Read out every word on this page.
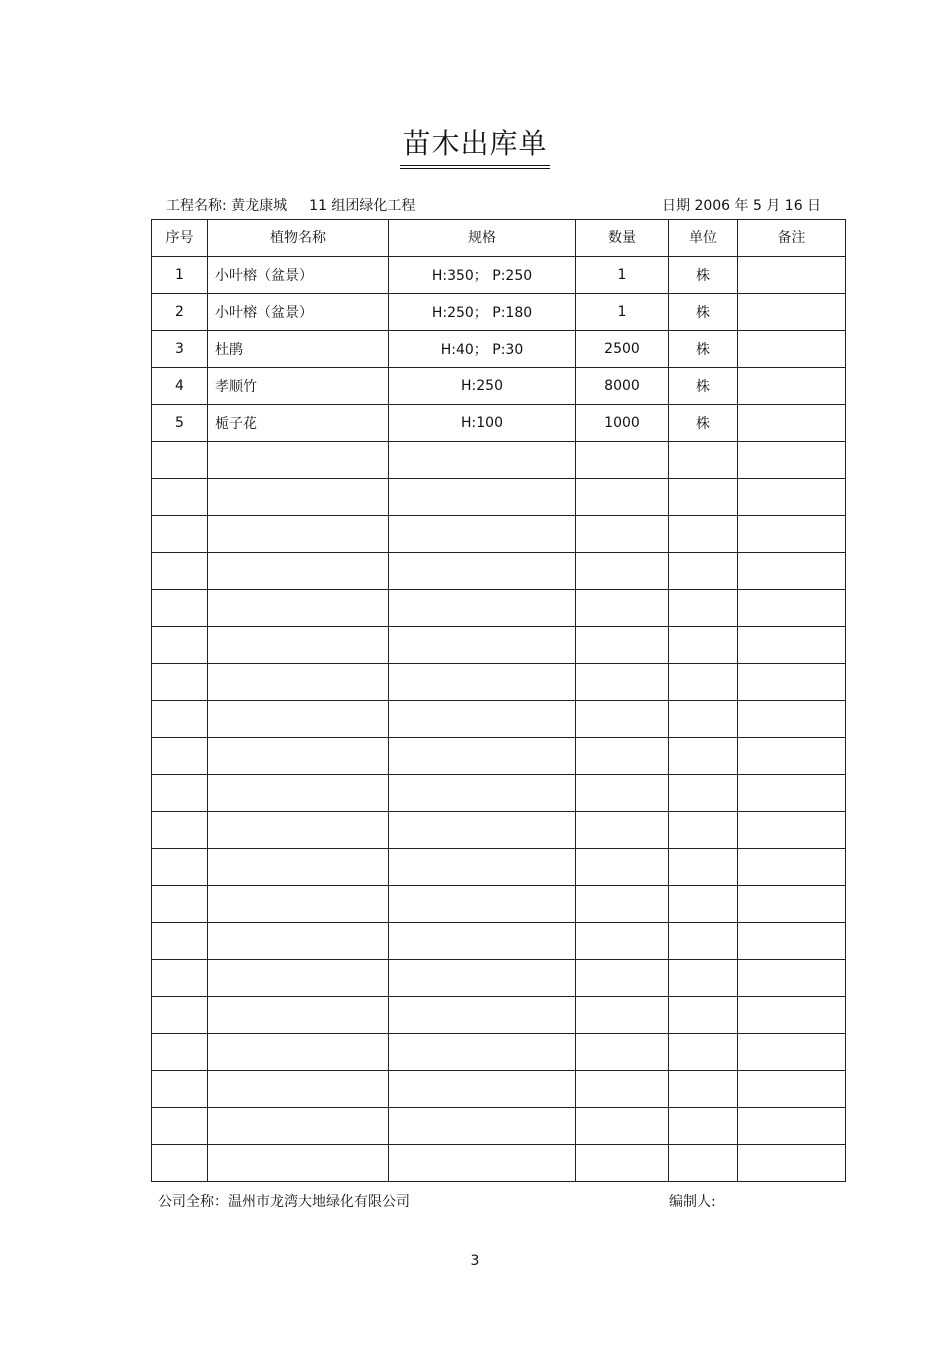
苗木出库单
工程名称: 黄龙康城 11 组团绿化工程	日期 2006 年 5 月 16 日
序号	植物名称	规格	数量	单位	备注
1	小叶榕（盆景）	H:350； P:250	1	株	
2	小叶榕（盆景）	H:250； P:180	1	株	
3	杜鹃	H:40； P:30	2500	株	
4	孝顺竹	H:250	8000	株	
5	栀子花	H:100	1000	株	

公司全称：温州市龙湾大地绿化有限公司	编制人:
3
